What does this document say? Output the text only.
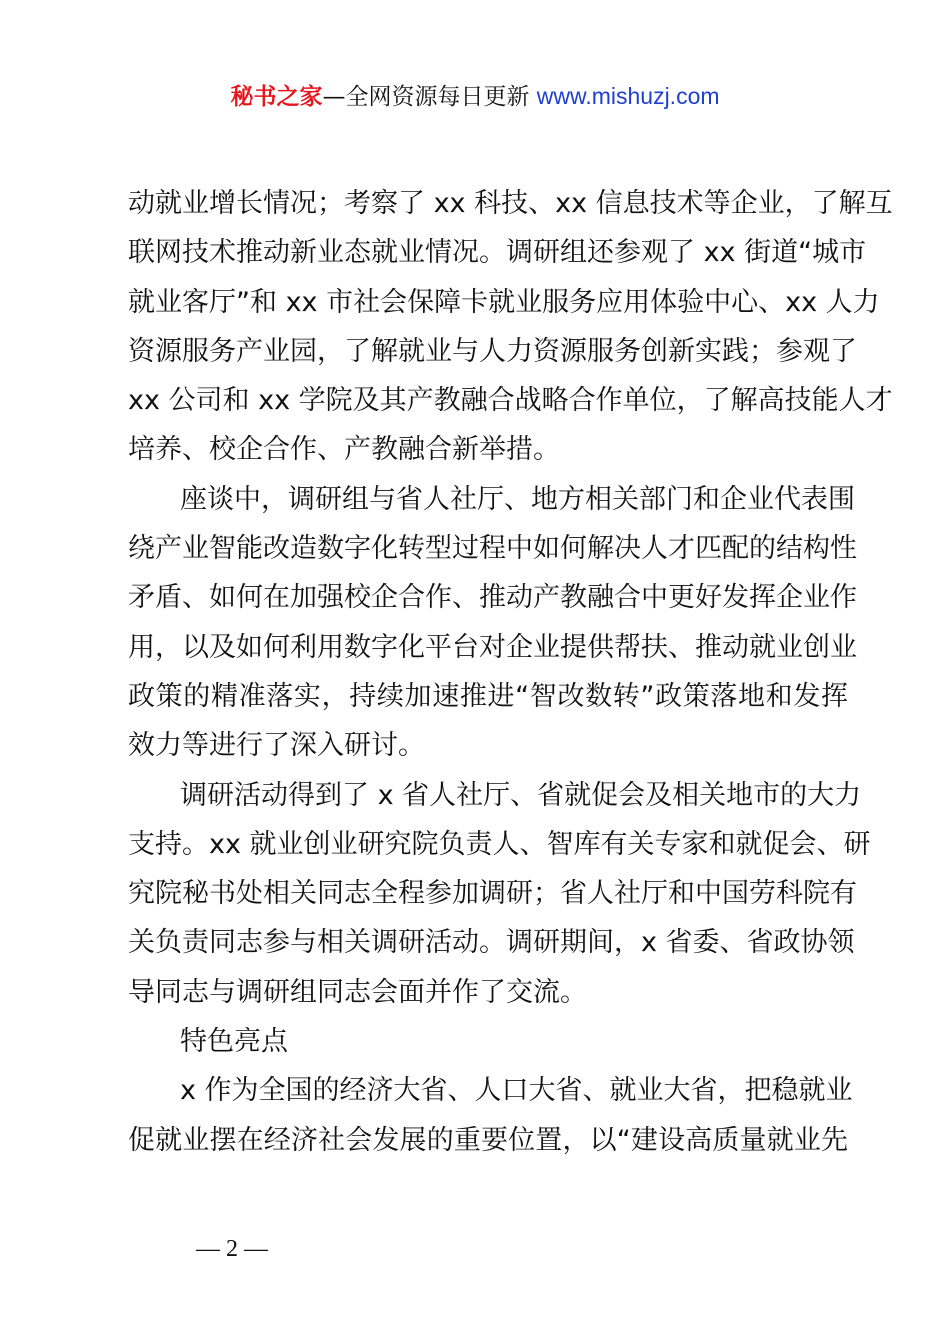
秘书之家—全网资源每日更新 www.mishuzj.com
动就业增长情况；考察了 xx 科技、xx 信息技术等企业，了解互
联网技术推动新业态就业情况。调研组还参观了 xx 街道“城市
就业客厅”和 xx 市社会保障卡就业服务应用体验中心、xx 人力
资源服务产业园，了解就业与人力资源服务创新实践；参观了
xx 公司和 xx 学院及其产教融合战略合作单位，了解高技能人才
培养、校企合作、产教融合新举措。
座谈中，调研组与省人社厅、地方相关部门和企业代表围
绕产业智能改造数字化转型过程中如何解决人才匹配的结构性
矛盾、如何在加强校企合作、推动产教融合中更好发挥企业作
用，以及如何利用数字化平台对企业提供帮扶、推动就业创业
政策的精准落实，持续加速推进“智改数转”政策落地和发挥
效力等进行了深入研讨。
调研活动得到了 x 省人社厅、省就促会及相关地市的大力
支持。xx 就业创业研究院负责人、智库有关专家和就促会、研
究院秘书处相关同志全程参加调研；省人社厅和中国劳科院有
关负责同志参与相关调研活动。调研期间，x 省委、省政协领
导同志与调研组同志会面并作了交流。
特色亮点
x 作为全国的经济大省、人口大省、就业大省，把稳就业
促就业摆在经济社会发展的重要位置，以“建设高质量就业先
— 2 —
